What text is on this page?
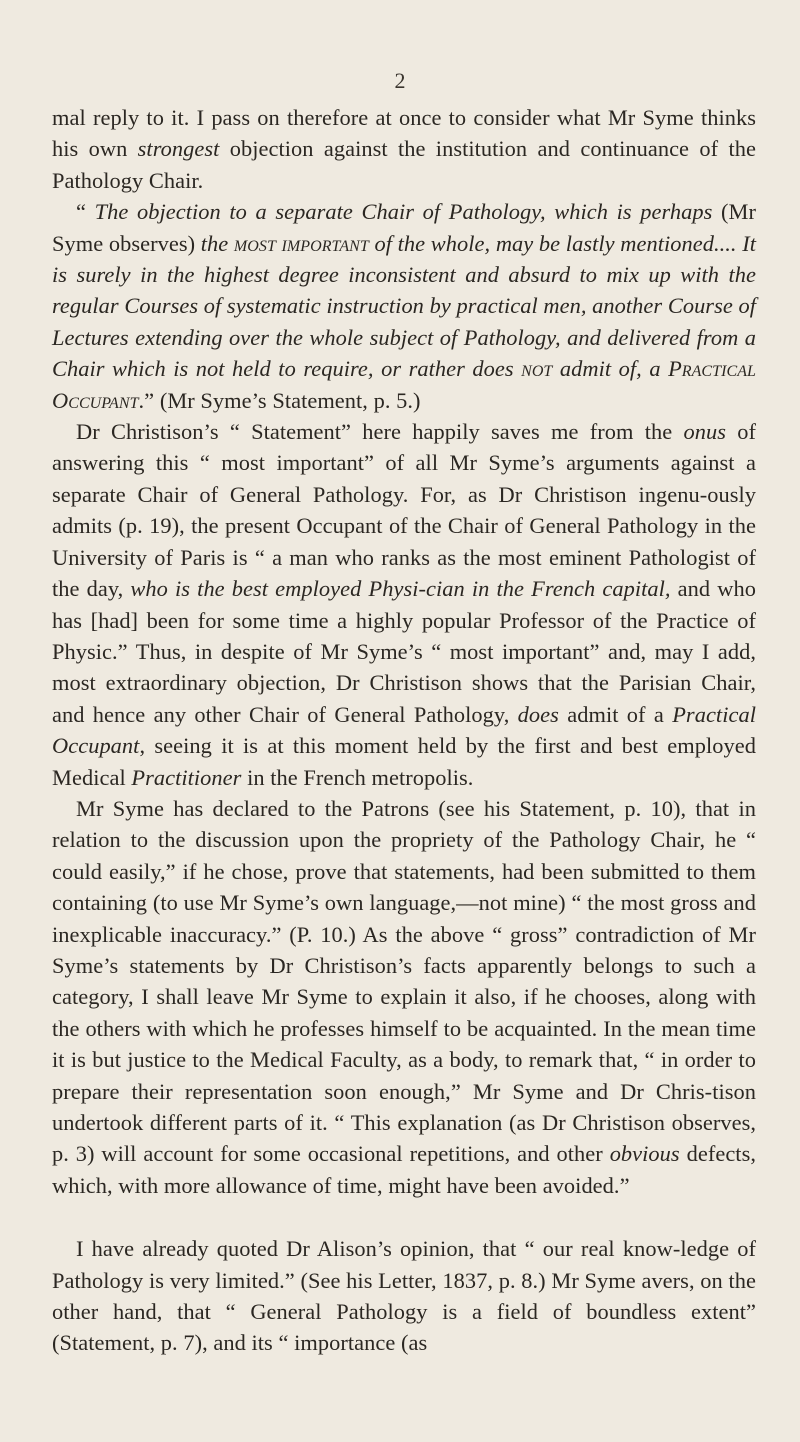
2

mal reply to it. I pass on therefore at once to consider what Mr Syme thinks his own strongest objection against the institution and continuance of the Pathology Chair.

“ The objection to a separate Chair of Pathology, which is perhaps (Mr Syme observes) the most important of the whole, may be lastly mentioned.... It is surely in the highest degree inconsistent and absurd to mix up with the regular Courses of systematic instruction by practical men, another Course of Lectures extending over the whole subject of Pathology, and delivered from a Chair which is not held to require, or rather does not admit of, a Practical Occupant.” (Mr Syme’s Statement, p. 5.)

Dr Christison’s “ Statement” here happily saves me from the onus of answering this “ most important” of all Mr Syme’s arguments against a separate Chair of General Pathology. For, as Dr Christison ingenu-ously admits (p. 19), the present Occupant of the Chair of General Pathology in the University of Paris is “ a man who ranks as the most eminent Pathologist of the day, who is the best employed Physi-cian in the French capital, and who has [had] been for some time a highly popular Professor of the Practice of Physic.” Thus, in despite of Mr Syme’s “ most important” and, may I add, most extraordinary objection, Dr Christison shows that the Parisian Chair, and hence any other Chair of General Pathology, does admit of a Practical Occupant, seeing it is at this moment held by the first and best employed Medical Practitioner in the French metropolis.

Mr Syme has declared to the Patrons (see his Statement, p. 10), that in relation to the discussion upon the propriety of the Pathology Chair, he “ could easily,” if he chose, prove that statements, had been submitted to them containing (to use Mr Syme’s own language,—not mine) “ the most gross and inexplicable inaccuracy.” (P. 10.) As the above “ gross” contradiction of Mr Syme’s statements by Dr Christison’s facts apparently belongs to such a category, I shall leave Mr Syme to explain it also, if he chooses, along with the others with which he professes himself to be acquainted. In the mean time it is but justice to the Medical Faculty, as a body, to remark that, “ in order to prepare their representation soon enough,” Mr Syme and Dr Chris-tison undertook different parts of it. “ This explanation (as Dr Christison observes, p. 3) will account for some occasional repetitions, and other obvious defects, which, with more allowance of time, might have been avoided.”

I have already quoted Dr Alison’s opinion, that “ our real know-ledge of Pathology is very limited.” (See his Letter, 1837, p. 8.) Mr Syme avers, on the other hand, that “ General Pathology is a field of boundless extent” (Statement, p. 7), and its “ importance (as
